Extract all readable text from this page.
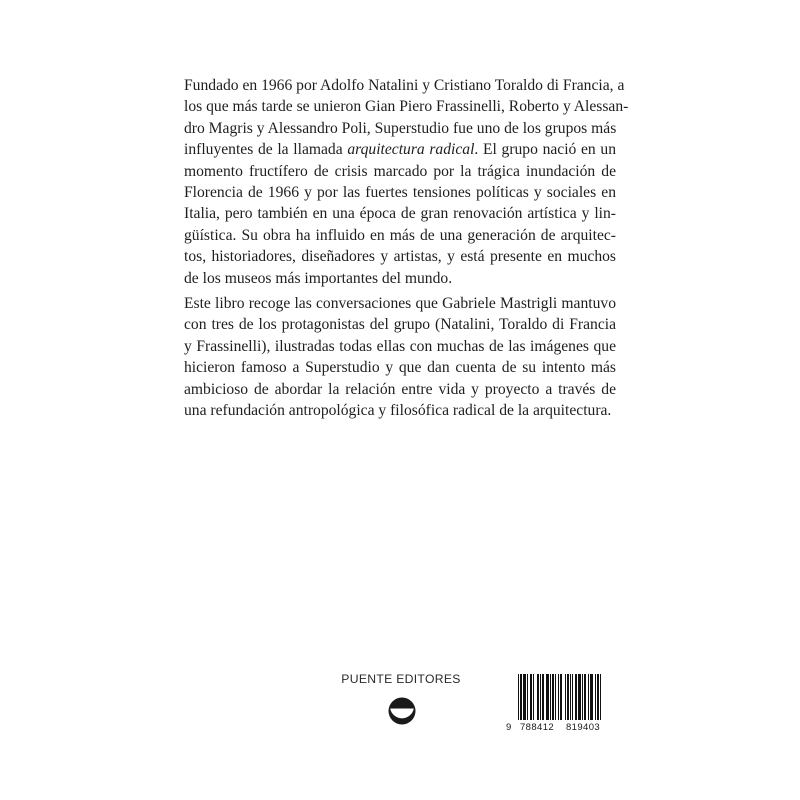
Fundado en 1966 por Adolfo Natalini y Cristiano Toraldo di Francia, a
los que más tarde se unieron Gian Piero Frassinelli, Roberto y Alessan-
dro Magris y Alessandro Poli, Superstudio fue uno de los grupos más
influyentes de la llamada arquitectura radical. El grupo nació en un
momento fructífero de crisis marcado por la trágica inundación de
Florencia de 1966 y por las fuertes tensiones políticas y sociales en
Italia, pero también en una época de gran renovación artística y lin-
güística. Su obra ha influido en más de una generación de arquitec-
tos, historiadores, diseñadores y artistas, y está presente en muchos
de los museos más importantes del mundo.
Este libro recoge las conversaciones que Gabriele Mastrigli mantuvo
con tres de los protagonistas del grupo (Natalini, Toraldo di Francia
y Frassinelli), ilustradas todas ellas con muchas de las imágenes que
hicieron famoso a Superstudio y que dan cuenta de su intento más
ambicioso de abordar la relación entre vida y proyecto a través de
una refundación antropológica y filosófica radical de la arquitectura.
PUENTE EDITORES
9 788412 819403
